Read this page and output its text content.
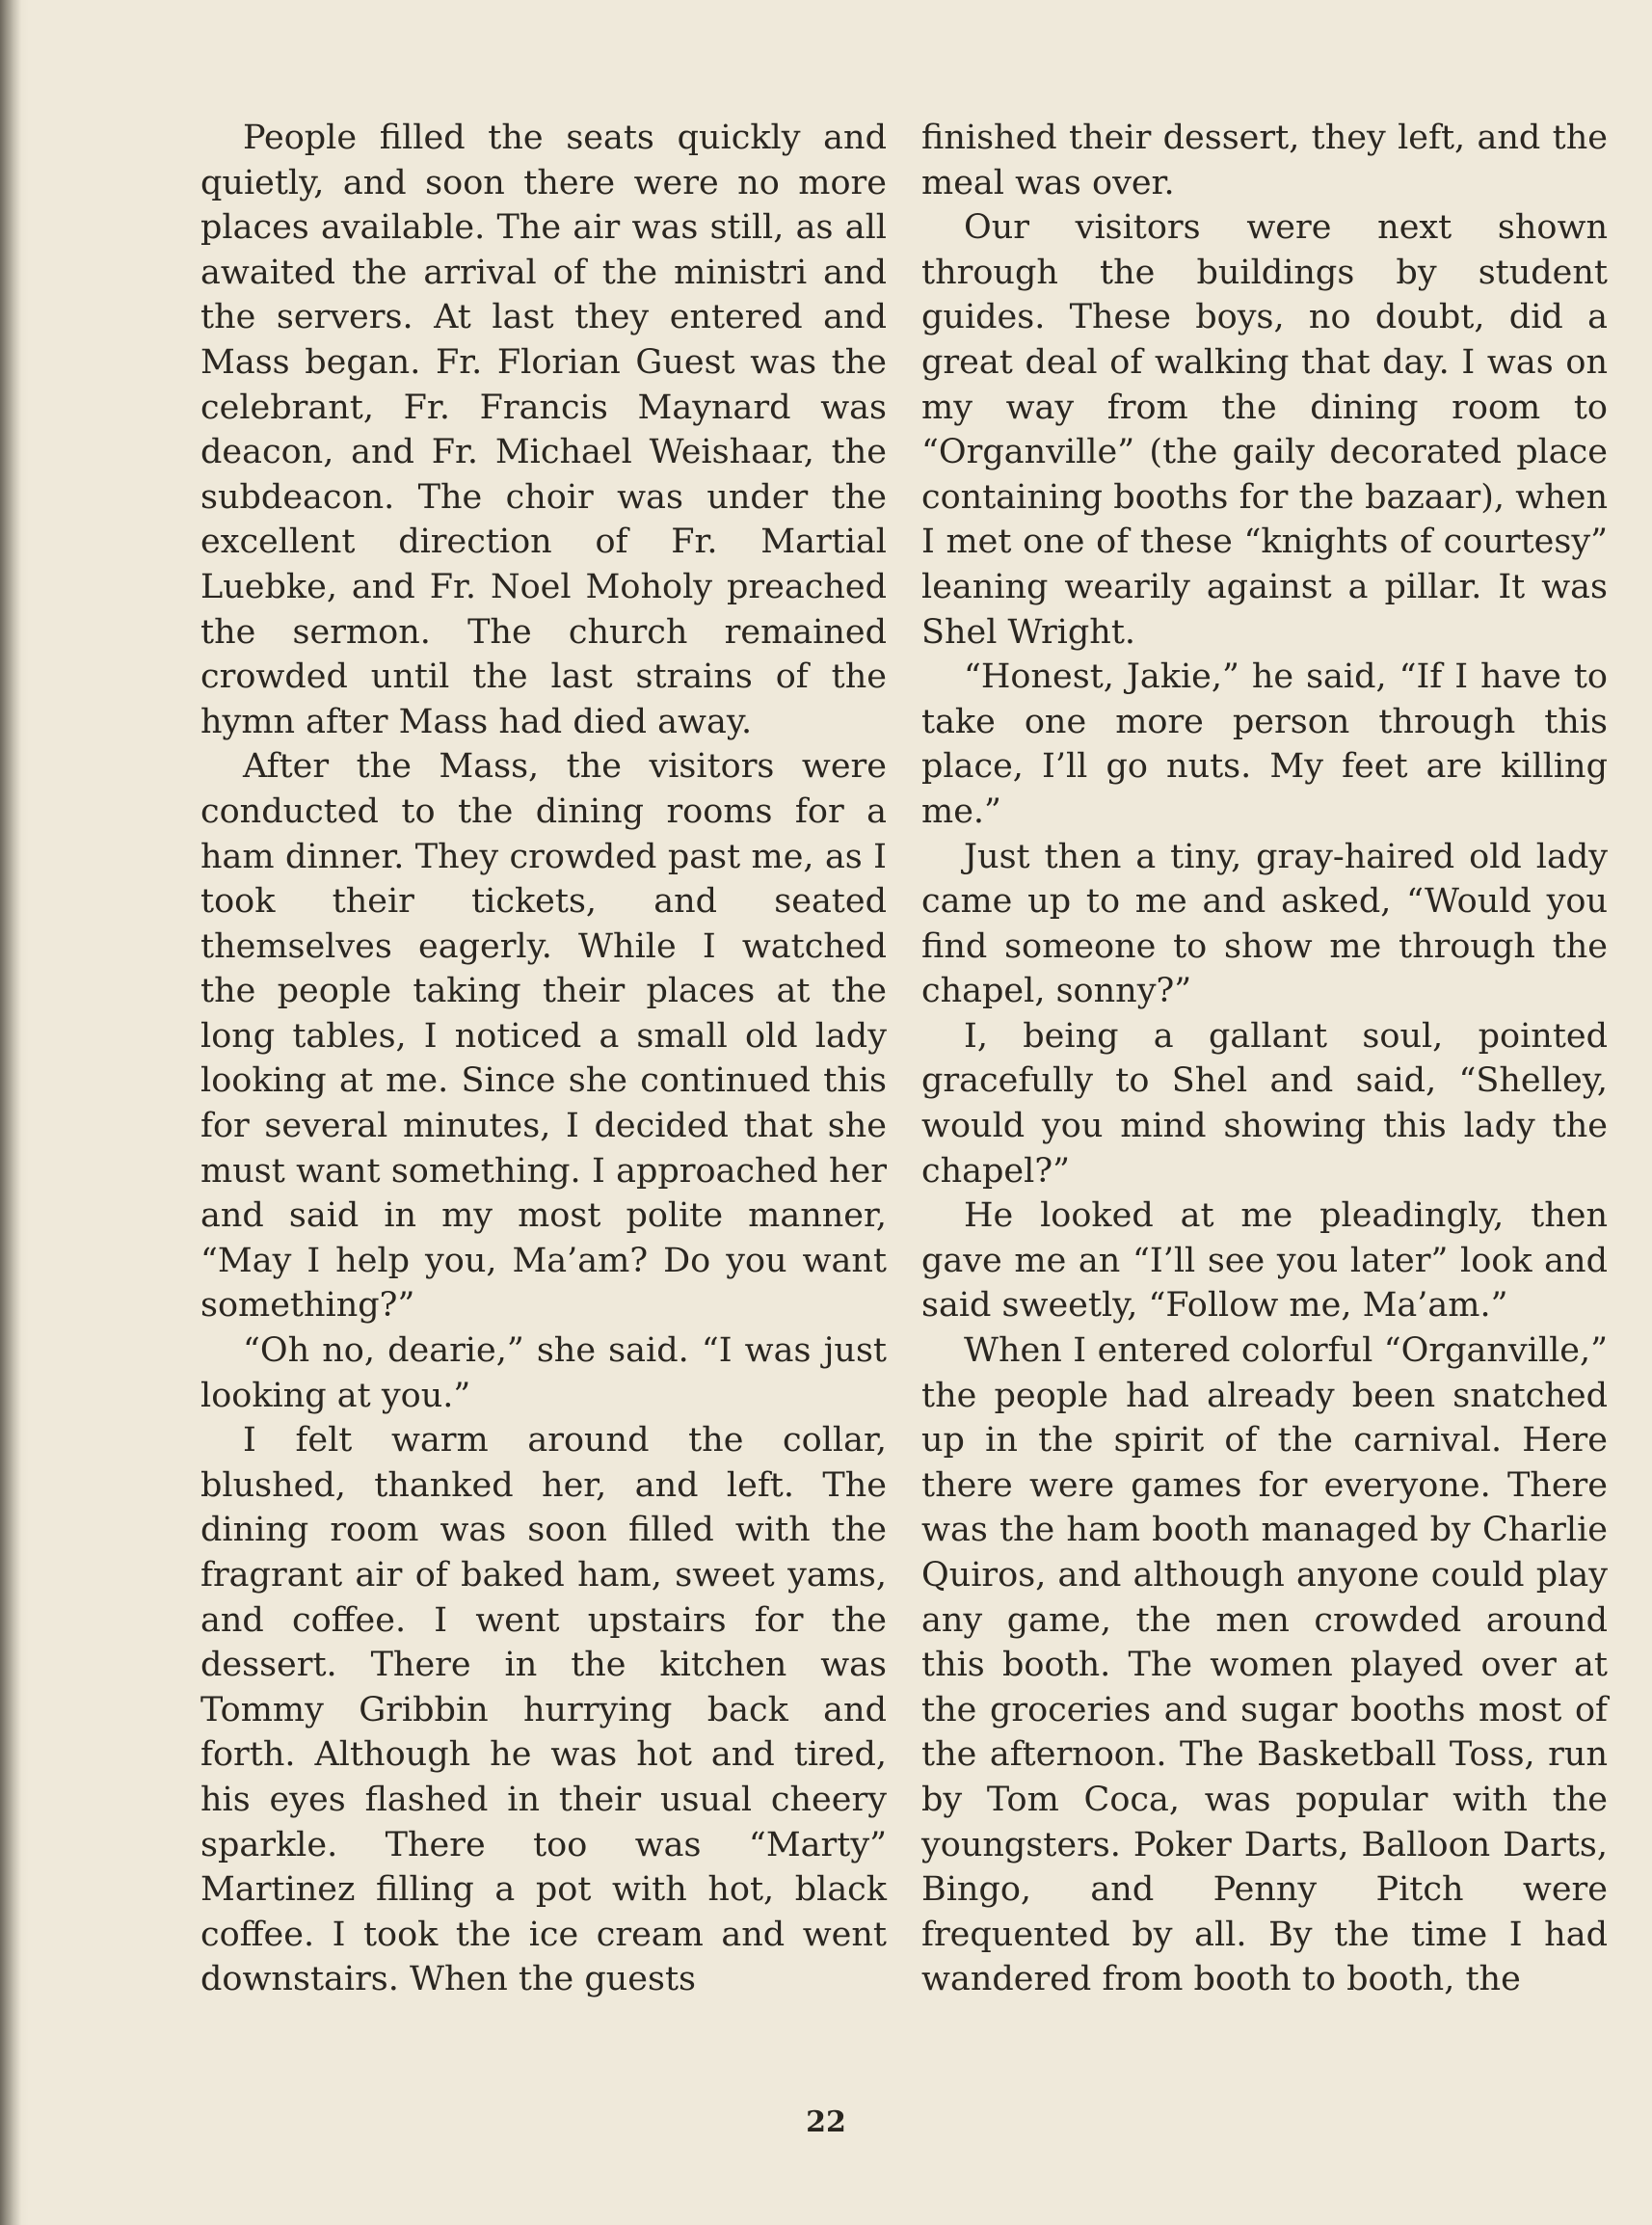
People filled the seats quickly and quietly, and soon there were no more places available. The air was still, as all awaited the arrival of the ministri and the servers. At last they entered and Mass began. Fr. Florian Guest was the celebrant, Fr. Francis Maynard was deacon, and Fr. Michael Weishaar, the subdeacon. The choir was under the excellent direction of Fr. Martial Luebke, and Fr. Noel Moholy preached the sermon. The church remained crowded until the last strains of the hymn after Mass had died away.

After the Mass, the visitors were conducted to the dining rooms for a ham dinner. They crowded past me, as I took their tickets, and seated themselves eagerly. While I watched the people taking their places at the long tables, I noticed a small old lady looking at me. Since she continued this for several minutes, I decided that she must want something. I approached her and said in my most polite manner, “May I help you, Ma’am? Do you want something?”

“Oh no, dearie,” she said. “I was just looking at you.”

I felt warm around the collar, blushed, thanked her, and left. The dining room was soon filled with the fragrant air of baked ham, sweet yams, and coffee. I went upstairs for the dessert. There in the kitchen was Tommy Gribbin hurrying back and forth. Although he was hot and tired, his eyes flashed in their usual cheery sparkle. There too was “Marty” Martinez filling a pot with hot, black coffee. I took the ice cream and went downstairs. When the guests

finished their dessert, they left, and the meal was over.

Our visitors were next shown through the buildings by student guides. These boys, no doubt, did a great deal of walking that day. I was on my way from the dining room to “Organville” (the gaily decorated place containing booths for the bazaar), when I met one of these “knights of courtesy” leaning wearily against a pillar. It was Shel Wright.

“Honest, Jakie,” he said, “If I have to take one more person through this place, I’ll go nuts. My feet are killing me.”

Just then a tiny, gray-haired old lady came up to me and asked, “Would you find someone to show me through the chapel, sonny?”

I, being a gallant soul, pointed gracefully to Shel and said, “Shelley, would you mind showing this lady the chapel?”

He looked at me pleadingly, then gave me an “I’ll see you later” look and said sweetly, “Follow me, Ma’am.”

When I entered colorful “Organville,” the people had already been snatched up in the spirit of the carnival. Here there were games for everyone. There was the ham booth managed by Charlie Quiros, and although anyone could play any game, the men crowded around this booth. The women played over at the groceries and sugar booths most of the afternoon. The Basketball Toss, run by Tom Coca, was popular with the youngsters. Poker Darts, Balloon Darts, Bingo, and Penny Pitch were frequented by all. By the time I had wandered from booth to booth, the

22
